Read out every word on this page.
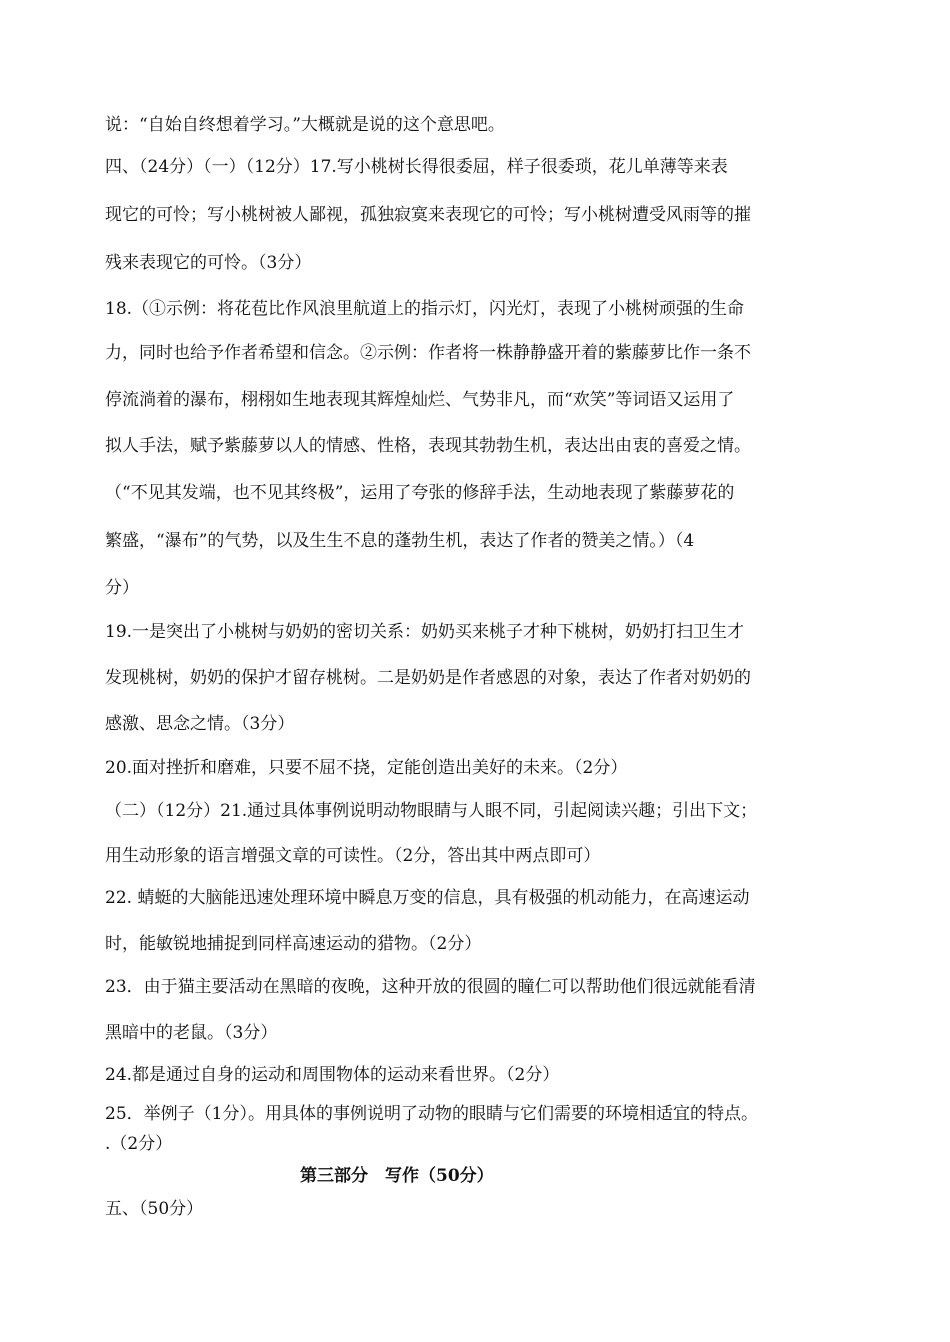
说：“自始自终想着学习。”大概就是说的这个意思吧。
四、（24分）（一）（12分）17.写小桃树长得很委屈，样子很委琐，花儿单薄等来表
现它的可怜；写小桃树被人鄙视，孤独寂寞来表现它的可怜；写小桃树遭受风雨等的摧
残来表现它的可怜。（3分）
18.（①示例：将花苞比作风浪里航道上的指示灯，闪光灯，表现了小桃树顽强的生命
力，同时也给予作者希望和信念。②示例：作者将一株静静盛开着的紫藤萝比作一条不
停流淌着的瀑布，栩栩如生地表现其辉煌灿烂、气势非凡，而“欢笑”等词语又运用了
拟人手法，赋予紫藤萝以人的情感、性格，表现其勃勃生机，表达出由衷的喜爱之情。
（“不见其发端，也不见其终极”，运用了夸张的修辞手法，生动地表现了紫藤萝花的
繁盛，“瀑布”的气势，以及生生不息的蓬勃生机，表达了作者的赞美之情。）（4
分）
19.一是突出了小桃树与奶奶的密切关系：奶奶买来桃子才种下桃树，奶奶打扫卫生才
发现桃树，奶奶的保护才留存桃树。二是奶奶是作者感恩的对象，表达了作者对奶奶的
感激、思念之情。（3分）
20.面对挫折和磨难，只要不屈不挠，定能创造出美好的未来。（2分）
（二）（12分）21.通过具体事例说明动物眼睛与人眼不同，引起阅读兴趣；引出下文；
用生动形象的语言增强文章的可读性。（2分，答出其中两点即可）
22. 蜻蜓的大脑能迅速处理环境中瞬息万变的信息，具有极强的机动能力，在高速运动
时，能敏锐地捕捉到同样高速运动的猎物。（2分）
23．由于猫主要活动在黑暗的夜晚，这种开放的很圆的瞳仁可以帮助他们很远就能看清
黑暗中的老鼠。（3分）
24.都是通过自身的运动和周围物体的运动来看世界。（2分）
25．举例子（1分）。用具体的事例说明了动物的眼睛与它们需要的环境相适宜的特点。
.（2分）
第三部分　写作（50分）
五、（50分）
